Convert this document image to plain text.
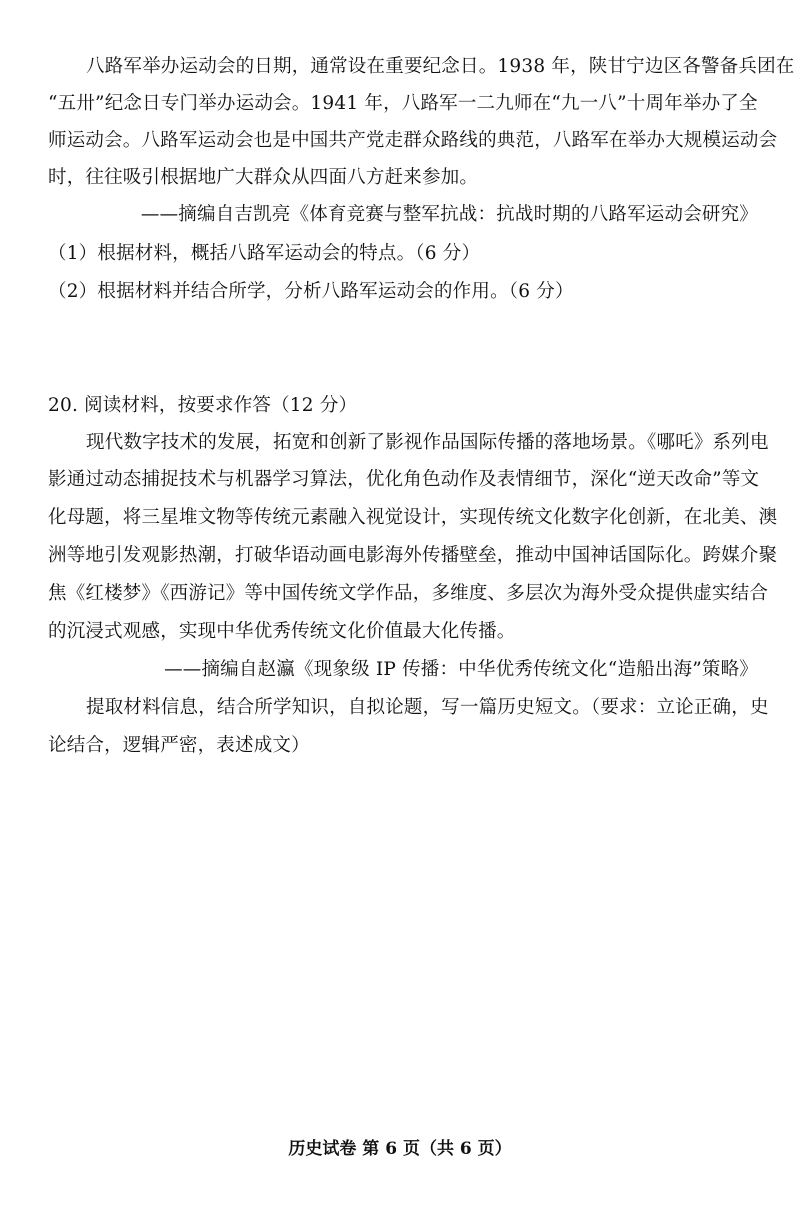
八路军举办运动会的日期，通常设在重要纪念日。1938 年，陕甘宁边区各警备兵团在
“五卅”纪念日专门举办运动会。1941 年，八路军一二九师在“九一八”十周年举办了全
师运动会。八路军运动会也是中国共产党走群众路线的典范，八路军在举办大规模运动会
时，往往吸引根据地广大群众从四面八方赶来参加。
——摘编自吉凯亮《体育竞赛与整军抗战：抗战时期的八路军运动会研究》
（1）根据材料，概括八路军运动会的特点。（6 分）
（2）根据材料并结合所学，分析八路军运动会的作用。（6 分）
20. 阅读材料，按要求作答（12 分）
现代数字技术的发展，拓宽和创新了影视作品国际传播的落地场景。《哪吒》系列电
影通过动态捕捉技术与机器学习算法，优化角色动作及表情细节，深化“逆天改命”等文
化母题，将三星堆文物等传统元素融入视觉设计，实现传统文化数字化创新，在北美、澳
洲等地引发观影热潮，打破华语动画电影海外传播壁垒，推动中国神话国际化。跨媒介聚
焦《红楼梦》《西游记》等中国传统文学作品，多维度、多层次为海外受众提供虚实结合
的沉浸式观感，实现中华优秀传统文化价值最大化传播。
——摘编自赵瀛《现象级 IP 传播：中华优秀传统文化“造船出海”策略》
提取材料信息，结合所学知识，自拟论题，写一篇历史短文。（要求：立论正确，史
论结合，逻辑严密，表述成文）
历史试卷 第 6 页（共 6 页）
